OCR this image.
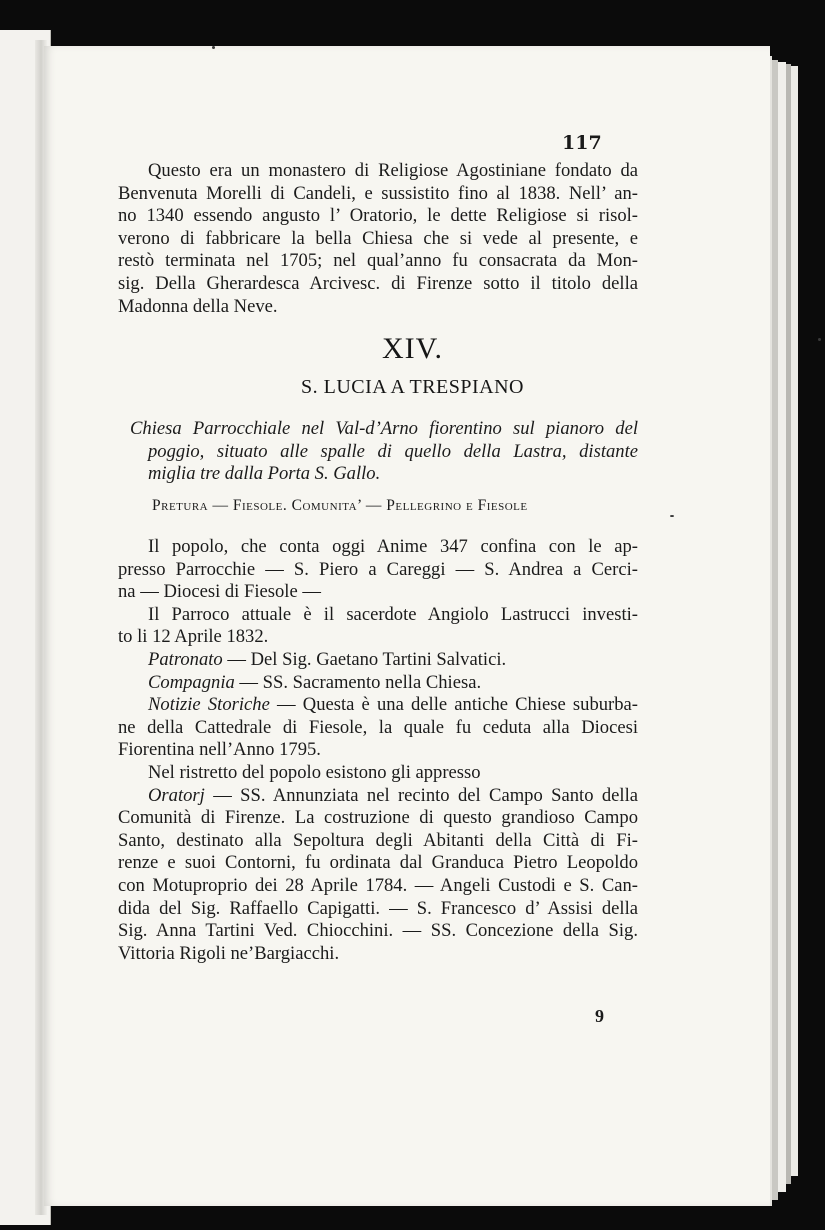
117
Questo era un monastero di Religiose Agostiniane fondato da
Benvenuta Morelli di Candeli, e sussistito fino al 1838. Nell’ an-
no 1340 essendo angusto l’ Oratorio, le dette Religiose si risol-
verono di fabbricare la bella Chiesa che si vede al presente, e
restò terminata nel 1705; nel qual’anno fu consacrata da Mon-
sig. Della Gherardesca Arcivesc. di Firenze sotto il titolo della
Madonna della Neve.
XIV.
S. LUCIA A TRESPIANO
Chiesa Parrocchiale nel Val-d’Arno fiorentino sul pianoro del
poggio, situato alle spalle di quello della Lastra, distante
miglia tre dalla Porta S. Gallo.
Pretura — Fiesole. Comunita’ — Pellegrino e Fiesole
Il popolo, che conta oggi Anime 347 confina con le ap-
presso Parrocchie — S. Piero a Careggi — S. Andrea a Cerci-
na — Diocesi di Fiesole —
Il Parroco attuale è il sacerdote Angiolo Lastrucci investi-
to li 12 Aprile 1832.
Patronato — Del Sig. Gaetano Tartini Salvatici.
Compagnia — SS. Sacramento nella Chiesa.
Notizie Storiche — Questa è una delle antiche Chiese suburba-
ne della Cattedrale di Fiesole, la quale fu ceduta alla Diocesi
Fiorentina nell’Anno 1795.
Nel ristretto del popolo esistono gli appresso
Oratorj — SS. Annunziata nel recinto del Campo Santo della
Comunità di Firenze. La costruzione di questo grandioso Campo
Santo, destinato alla Sepoltura degli Abitanti della Città di Fi-
renze e suoi Contorni, fu ordinata dal Granduca Pietro Leopoldo
con Motuproprio dei 28 Aprile 1784. — Angeli Custodi e S. Can-
dida del Sig. Raffaello Capigatti. — S. Francesco d’ Assisi della
Sig. Anna Tartini Ved. Chiocchini. — SS. Concezione della Sig.
Vittoria Rigoli ne’Bargiacchi.
9
